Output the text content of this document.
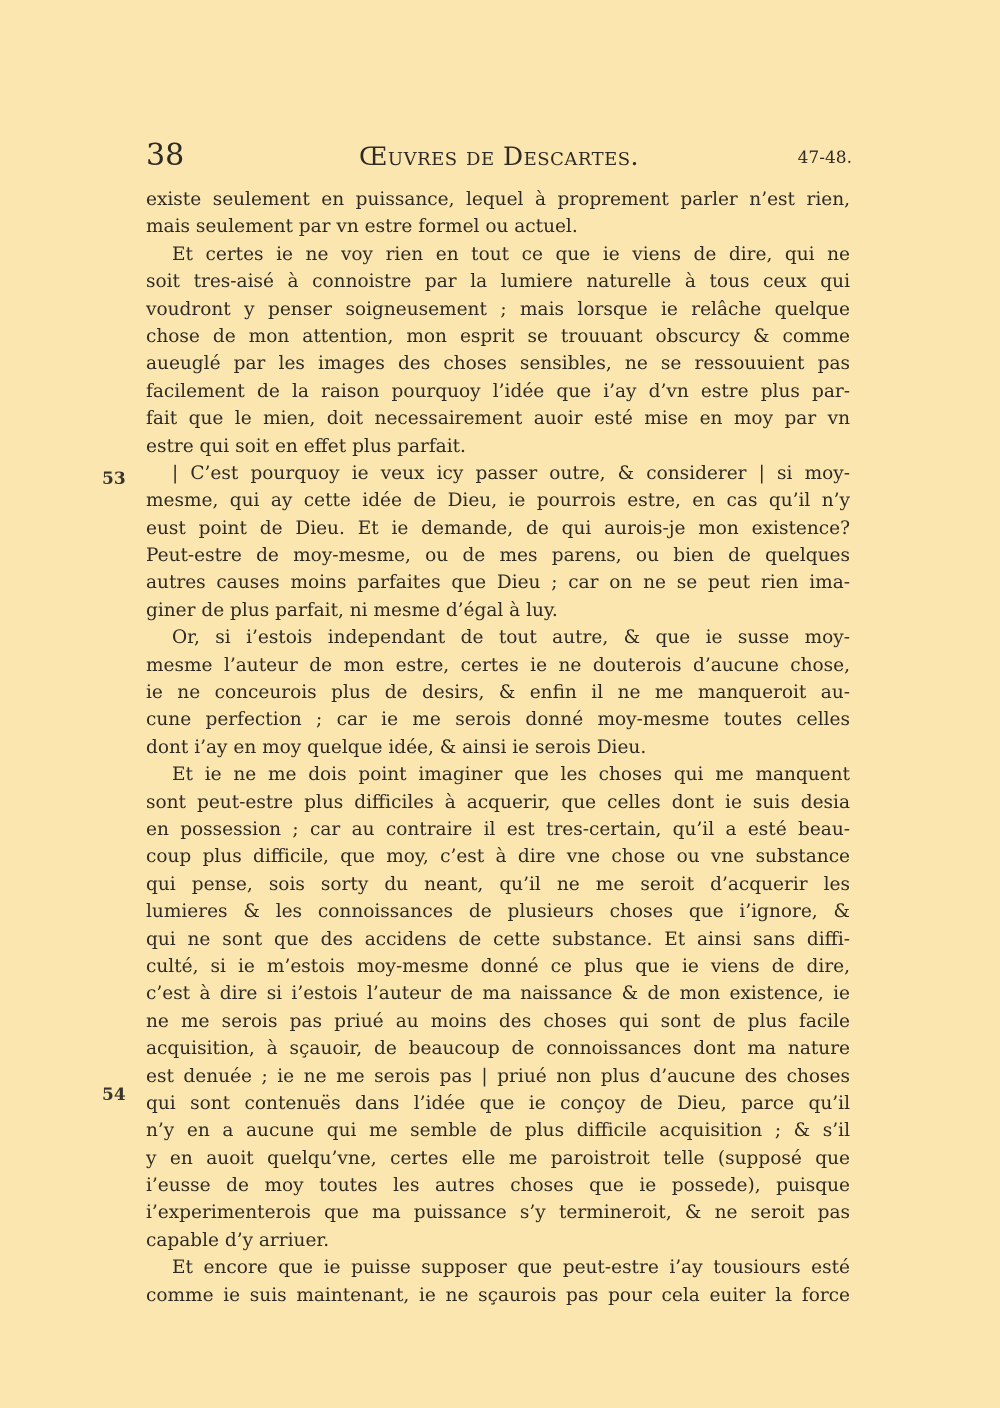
38	Œuvres de Descartes.	47-48.
53
54
existe seulement en puissance, lequel à proprement parler n’est rien,
mais seulement par vn estre formel ou actuel.
Et certes ie ne voy rien en tout ce que ie viens de dire, qui ne
soit tres-aisé à connoistre par la lumiere naturelle à tous ceux qui
voudront y penser soigneusement ; mais lorsque ie relâche quelque
chose de mon attention, mon esprit se trouuant obscurcy & comme
aueuglé par les images des choses sensibles, ne se ressouuient pas
facilement de la raison pourquoy l’idée que i’ay d’vn estre plus par-
fait que le mien, doit necessairement auoir esté mise en moy par vn
estre qui soit en effet plus parfait.
| C’est pourquoy ie veux icy passer outre, & considerer | si moy-
mesme, qui ay cette idée de Dieu, ie pourrois estre, en cas qu’il n’y
eust point de Dieu. Et ie demande, de qui aurois-je mon existence?
Peut-estre de moy-mesme, ou de mes parens, ou bien de quelques
autres causes moins parfaites que Dieu ; car on ne se peut rien ima-
giner de plus parfait, ni mesme d’égal à luy.
Or, si i’estois independant de tout autre, & que ie susse moy-
mesme l’auteur de mon estre, certes ie ne douterois d’aucune chose,
ie ne conceurois plus de desirs, & enfin il ne me manqueroit au-
cune perfection ; car ie me serois donné moy-mesme toutes celles
dont i’ay en moy quelque idée, & ainsi ie serois Dieu.
Et ie ne me dois point imaginer que les choses qui me manquent
sont peut-estre plus difficiles à acquerir, que celles dont ie suis desia
en possession ; car au contraire il est tres-certain, qu’il a esté beau-
coup plus difficile, que moy, c’est à dire vne chose ou vne substance
qui pense, sois sorty du neant, qu’il ne me seroit d’acquerir les
lumieres & les connoissances de plusieurs choses que i’ignore, &
qui ne sont que des accidens de cette substance. Et ainsi sans diffi-
culté, si ie m’estois moy-mesme donné ce plus que ie viens de dire,
c’est à dire si i’estois l’auteur de ma naissance & de mon existence, ie
ne me serois pas priué au moins des choses qui sont de plus facile
acquisition, à sçauoir, de beaucoup de connoissances dont ma nature
est denuée ; ie ne me serois pas | priué non plus d’aucune des choses
qui sont contenuës dans l’idée que ie conçoy de Dieu, parce qu’il
n’y en a aucune qui me semble de plus difficile acquisition ; & s’il
y en auoit quelqu’vne, certes elle me paroistroit telle (supposé que
i’eusse de moy toutes les autres choses que ie possede), puisque
i’experimenterois que ma puissance s’y termineroit, & ne seroit pas
capable d’y arriuer.
Et encore que ie puisse supposer que peut-estre i’ay tousiours esté
comme ie suis maintenant, ie ne sçaurois pas pour cela euiter la force
